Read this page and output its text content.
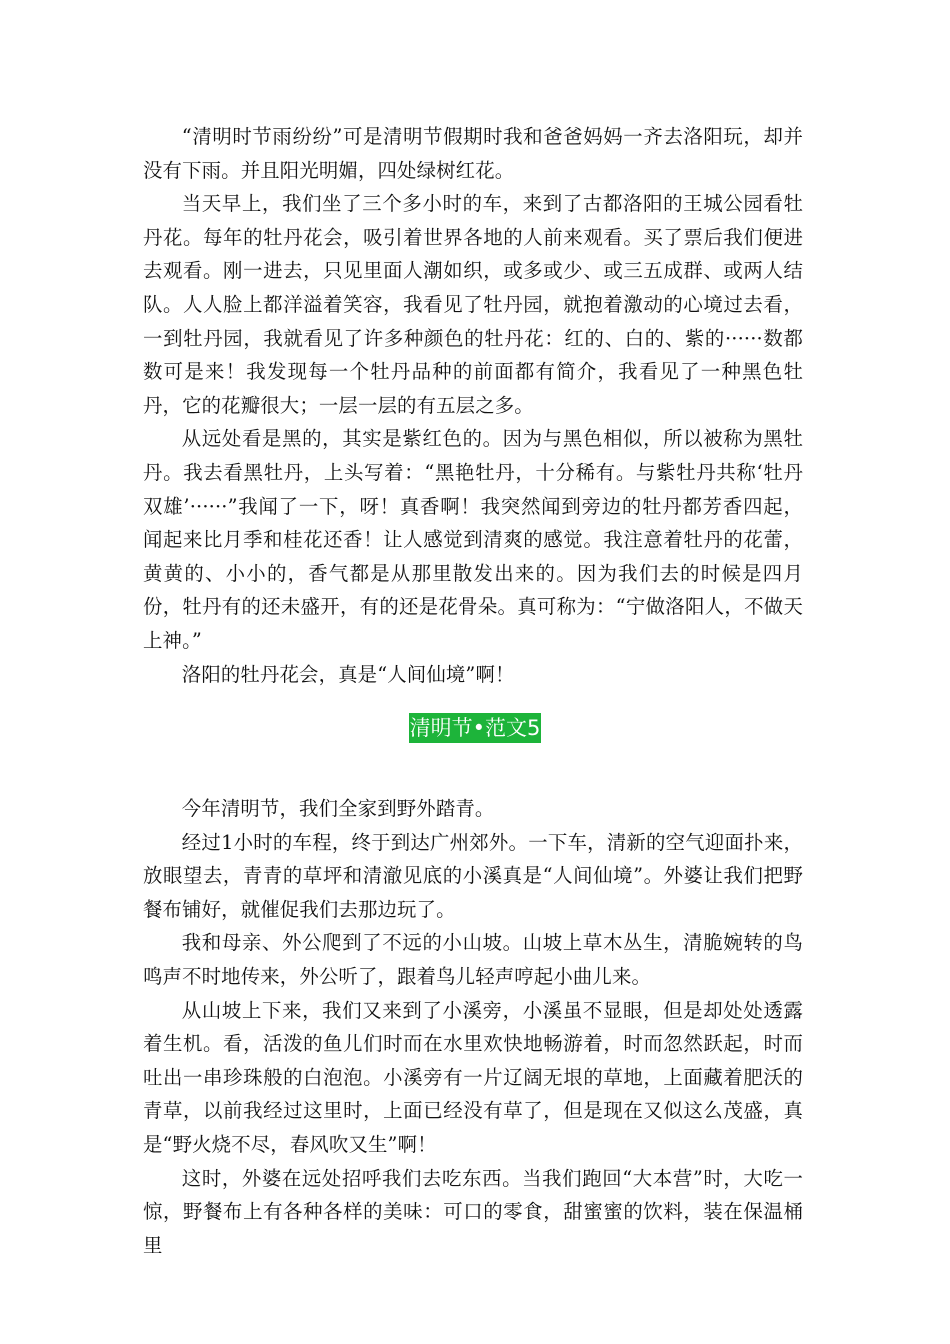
“清明时节雨纷纷”可是清明节假期时我和爸爸妈妈一齐去洛阳玩，却并没有下雨。并且阳光明媚，四处绿树红花。

当天早上，我们坐了三个多小时的车，来到了古都洛阳的王城公园看牡丹花。每年的牡丹花会，吸引着世界各地的人前来观看。买了票后我们便进去观看。刚一进去，只见里面人潮如织，或多或少、或三五成群、或两人结队。人人脸上都洋溢着笑容，我看见了牡丹园，就抱着激动的心境过去看，一到牡丹园，我就看见了许多种颜色的牡丹花：红的、白的、紫的······数都数可是来！我发现每一个牡丹品种的前面都有简介，我看见了一种黑色牡丹，它的花瓣很大；一层一层的有五层之多。

从远处看是黑的，其实是紫红色的。因为与黑色相似，所以被称为黑牡丹。我去看黑牡丹，上头写着：“黑艳牡丹，十分稀有。与紫牡丹共称‘牡丹双雄’······”我闻了一下，呀！真香啊！我突然闻到旁边的牡丹都芳香四起，闻起来比月季和桂花还香！让人感觉到清爽的感觉。我注意着牡丹的花蕾，黄黄的、小小的，香气都是从那里散发出来的。因为我们去的时候是四月份，牡丹有的还未盛开，有的还是花骨朵。真可称为：“宁做洛阳人，不做天上神。”

洛阳的牡丹花会，真是“人间仙境”啊！

清明节•范文5

今年清明节，我们全家到野外踏青。

经过1小时的车程，终于到达广州郊外。一下车，清新的空气迎面扑来，放眼望去，青青的草坪和清澈见底的小溪真是“人间仙境”。外婆让我们把野餐布铺好，就催促我们去那边玩了。

我和母亲、外公爬到了不远的小山坡。山坡上草木丛生，清脆婉转的鸟鸣声不时地传来，外公听了，跟着鸟儿轻声哼起小曲儿来。

从山坡上下来，我们又来到了小溪旁，小溪虽不显眼，但是却处处透露着生机。看，活泼的鱼儿们时而在水里欢快地畅游着，时而忽然跃起，时而吐出一串珍珠般的白泡泡。小溪旁有一片辽阔无垠的草地，上面藏着肥沃的青草，以前我经过这里时，上面已经没有草了，但是现在又似这么茂盛，真是“野火烧不尽，春风吹又生”啊！

这时，外婆在远处招呼我们去吃东西。当我们跑回“大本营”时，大吃一惊，野餐布上有各种各样的美味：可口的零食，甜蜜蜜的饮料，装在保温桶里
